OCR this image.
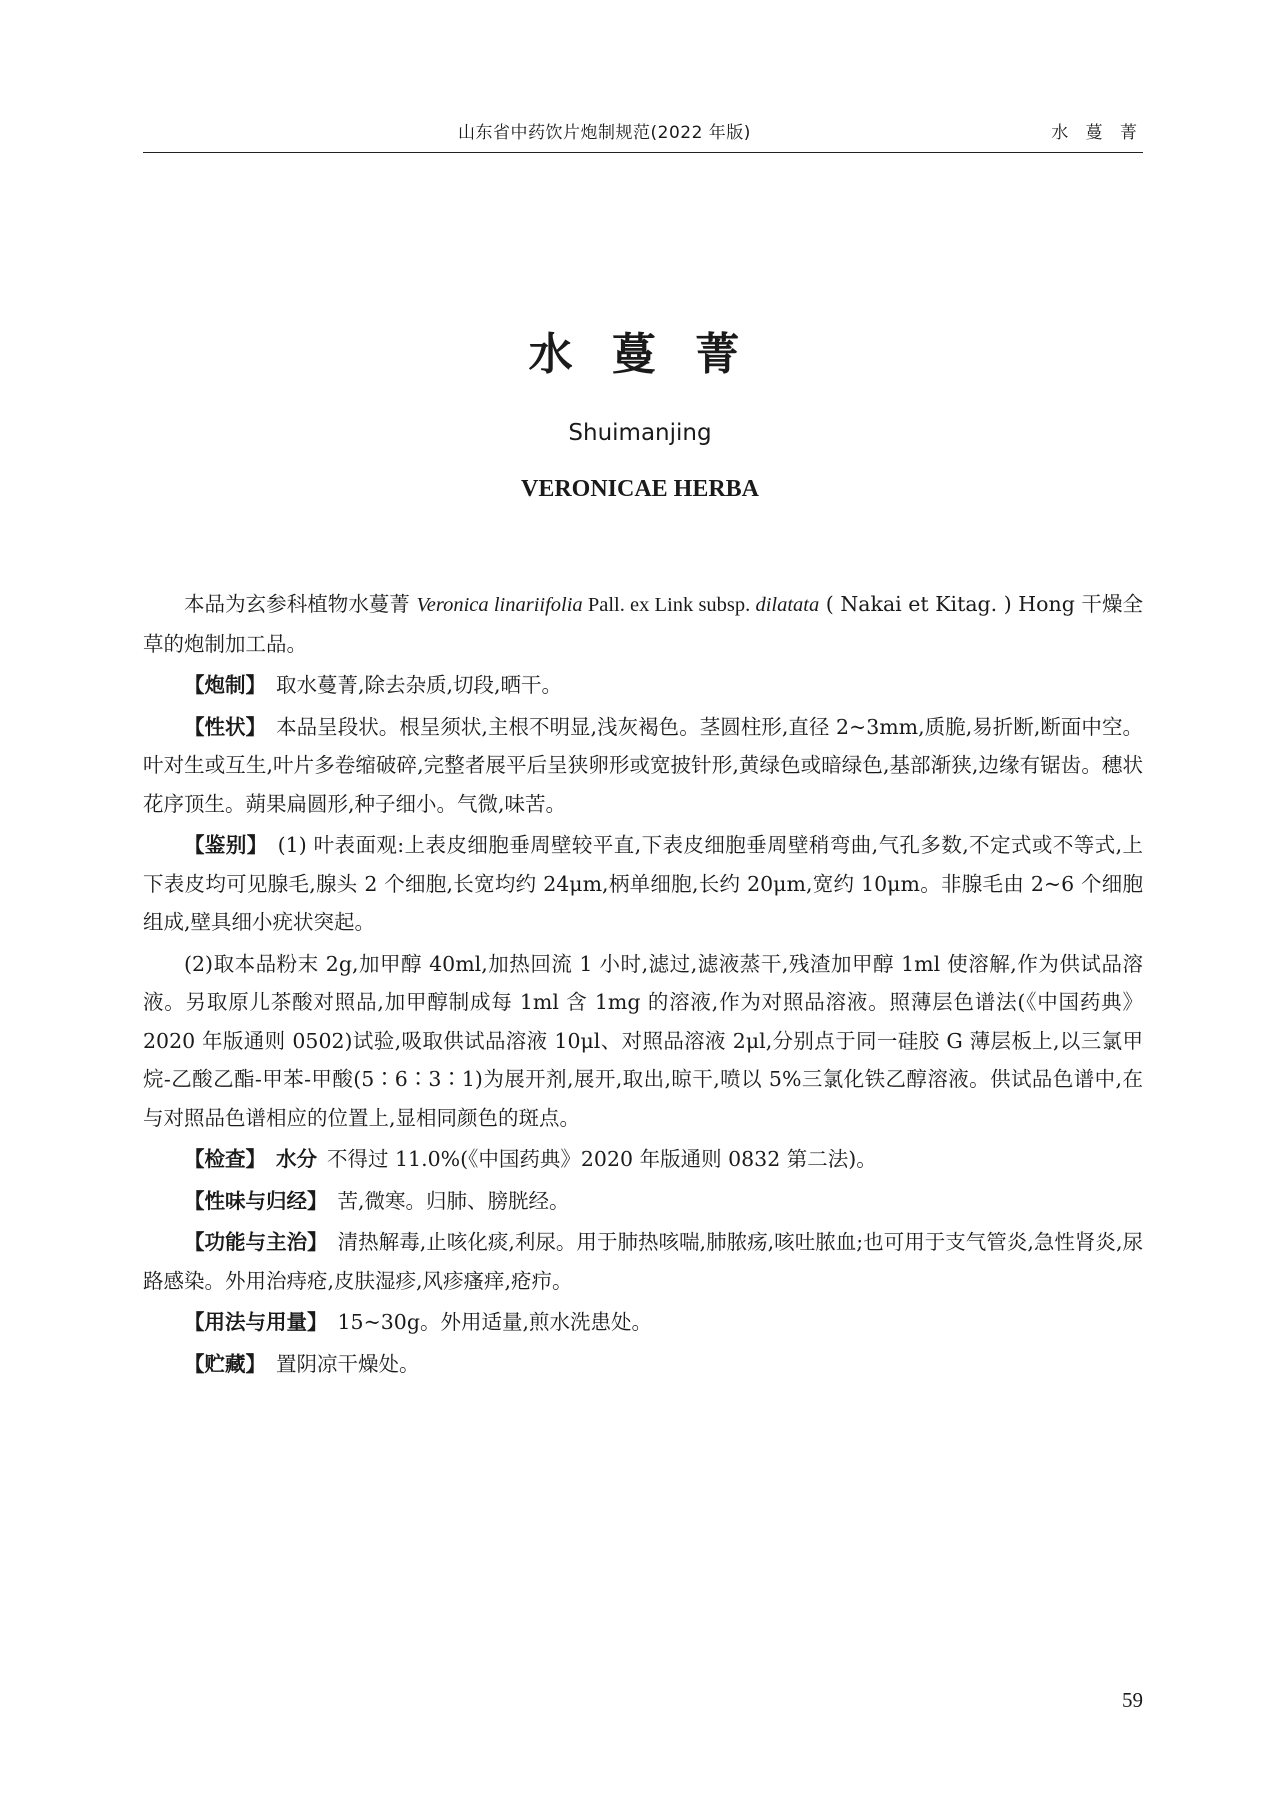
山东省中药饮片炮制规范(2022 年版)	水 蔓 菁
水 蔓 菁
Shuimanjing
VERONICAE HERBA

本品为玄参科植物水蔓菁 Veronica linariifolia Pall. ex Link subsp. dilatata ( Nakai et Kitag. ) Hong 干燥全草的炮制加工品。

【炮制】 取水蔓菁,除去杂质,切段,晒干。

【性状】 本品呈段状。根呈须状,主根不明显,浅灰褐色。茎圆柱形,直径 2~3mm,质脆,易折断,断面中空。叶对生或互生,叶片多卷缩破碎,完整者展平后呈狭卵形或宽披针形,黄绿色或暗绿色,基部渐狭,边缘有锯齿。穗状花序顶生。蒴果扁圆形,种子细小。气微,味苦。

【鉴别】 (1) 叶表面观:上表皮细胞垂周壁较平直,下表皮细胞垂周壁稍弯曲,气孔多数,不定式或不等式,上下表皮均可见腺毛,腺头 2 个细胞,长宽均约 24μm,柄单细胞,长约 20μm,宽约 10μm。非腺毛由 2~6 个细胞组成,壁具细小疣状突起。

(2)取本品粉末 2g,加甲醇 40ml,加热回流 1 小时,滤过,滤液蒸干,残渣加甲醇 1ml 使溶解,作为供试品溶液。另取原儿茶酸对照品,加甲醇制成每 1ml 含 1mg 的溶液,作为对照品溶液。照薄层色谱法(《中国药典》2020 年版通则 0502)试验,吸取供试品溶液 10μl、对照品溶液 2μl,分别点于同一硅胶 G 薄层板上,以三氯甲烷-乙酸乙酯-甲苯-甲酸(5∶6∶3∶1)为展开剂,展开,取出,晾干,喷以 5%三氯化铁乙醇溶液。供试品色谱中,在与对照品色谱相应的位置上,显相同颜色的斑点。

【检查】 水分 不得过 11.0%(《中国药典》2020 年版通则 0832 第二法)。

【性味与归经】 苦,微寒。归肺、膀胱经。

【功能与主治】 清热解毒,止咳化痰,利尿。用于肺热咳喘,肺脓疡,咳吐脓血;也可用于支气管炎,急性肾炎,尿路感染。外用治痔疮,皮肤湿疹,风疹瘙痒,疮疖。

【用法与用量】 15~30g。外用适量,煎水洗患处。

【贮藏】 置阴凉干燥处。

59
